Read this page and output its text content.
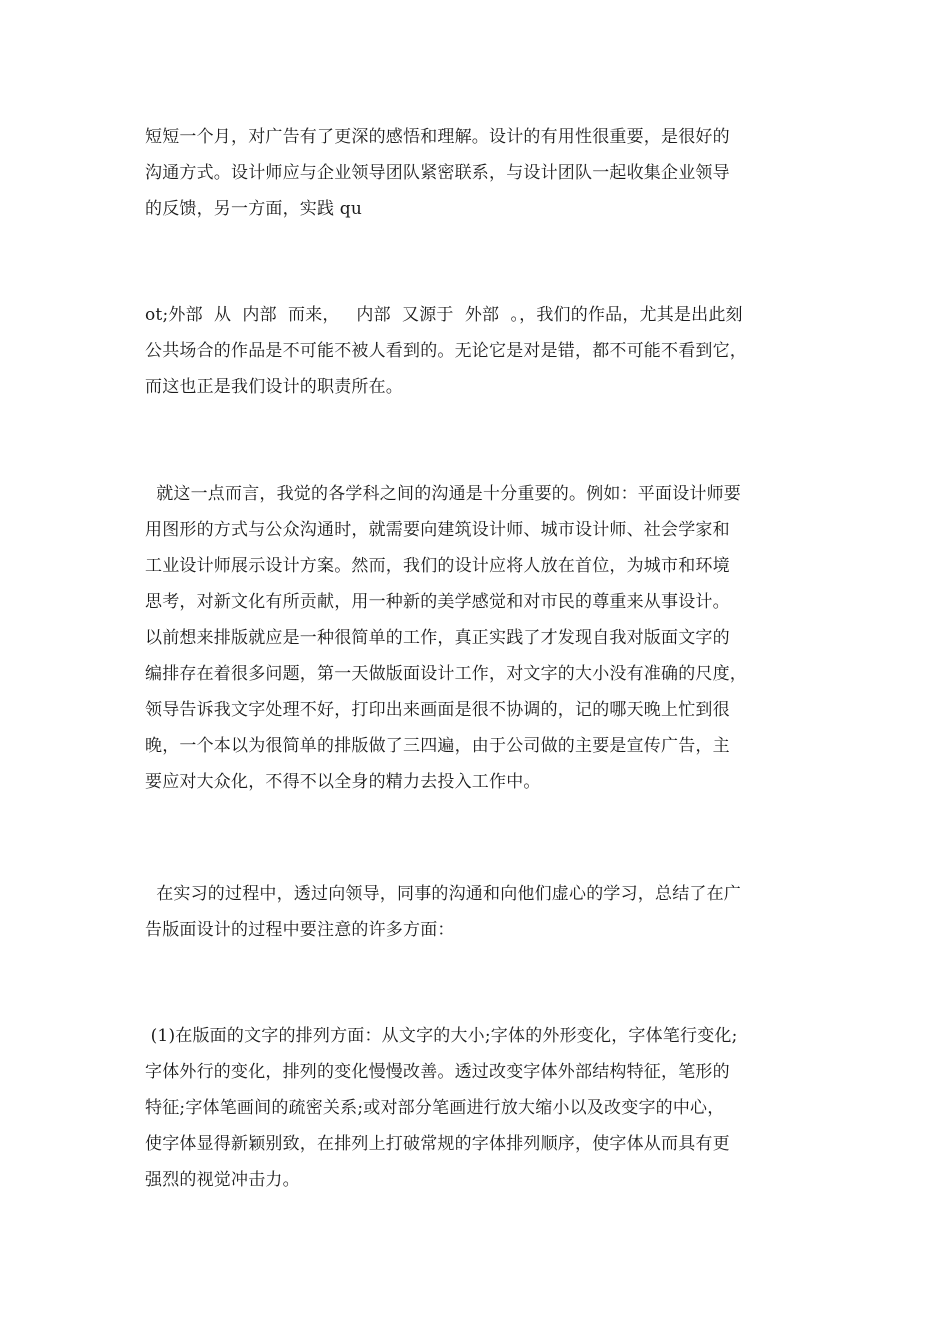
短短一个月，对广告有了更深的感悟和理解。设计的有用性很重要，是很好的
沟通方式。设计师应与企业领导团队紧密联系，与设计团队一起收集企业领导
的反馈，另一方面，实践 qu
ot;外部  从  内部  而来，   内部  又源于  外部  。，我们的作品，尤其是出此刻
公共场合的作品是不可能不被人看到的。无论它是对是错，都不可能不看到它，
而这也正是我们设计的职责所在。
就这一点而言，我觉的各学科之间的沟通是十分重要的。例如：平面设计师要
用图形的方式与公众沟通时，就需要向建筑设计师、城市设计师、社会学家和
工业设计师展示设计方案。然而，我们的设计应将人放在首位，为城市和环境
思考，对新文化有所贡献，用一种新的美学感觉和对市民的尊重来从事设计。
以前想来排版就应是一种很简单的工作，真正实践了才发现自我对版面文字的
编排存在着很多问题，第一天做版面设计工作，对文字的大小没有准确的尺度，
领导告诉我文字处理不好，打印出来画面是很不协调的，记的哪天晚上忙到很
晚，一个本以为很简单的排版做了三四遍，由于公司做的主要是宣传广告，主
要应对大众化，不得不以全身的精力去投入工作中。
在实习的过程中，透过向领导，同事的沟通和向他们虚心的学习，总结了在广
告版面设计的过程中要注意的许多方面：
(1)在版面的文字的排列方面：从文字的大小;字体的外形变化，字体笔行变化;
字体外行的变化，排列的变化慢慢改善。透过改变字体外部结构特征，笔形的
特征;字体笔画间的疏密关系;或对部分笔画进行放大缩小以及改变字的中心，
使字体显得新颖别致，在排列上打破常规的字体排列顺序，使字体从而具有更
强烈的视觉冲击力。
